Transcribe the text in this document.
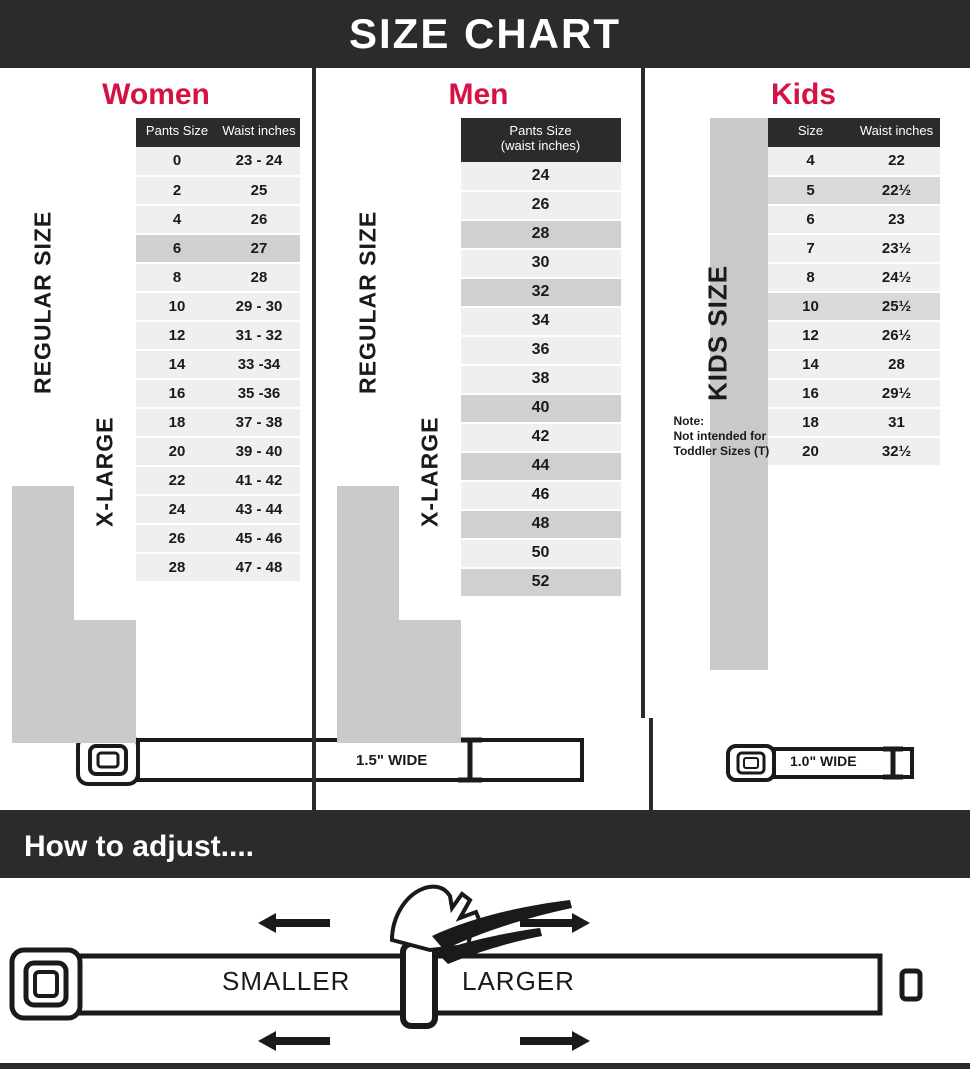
SIZE CHART
Women
REGULAR SIZE
X-LARGE
Pants Size	Waist inches
0	23 - 24
2	25
4	26
6	27
8	28
10	29 - 30
12	31 - 32
14	33 -34
16	35 -36
18	37 - 38
20	39 - 40
22	41 - 42
24	43 - 44
26	45 - 46
28	47 - 48
Men
REGULAR SIZE
X-LARGE
Pants Size
(waist inches)
24
26
28
30
32
34
36
38
40
42
44
46
48
50
52
Kids
KIDS SIZE
Size	Waist inches
4	22
5	22½
6	23
7	23½
8	24½
10	25½
12	26½
14	28
16	29½
18	31
20	32½
Note:
Not intended for
Toddler Sizes (T)
1.5" WIDE	1.0" WIDE
How to adjust....
SMALLER	LARGER
